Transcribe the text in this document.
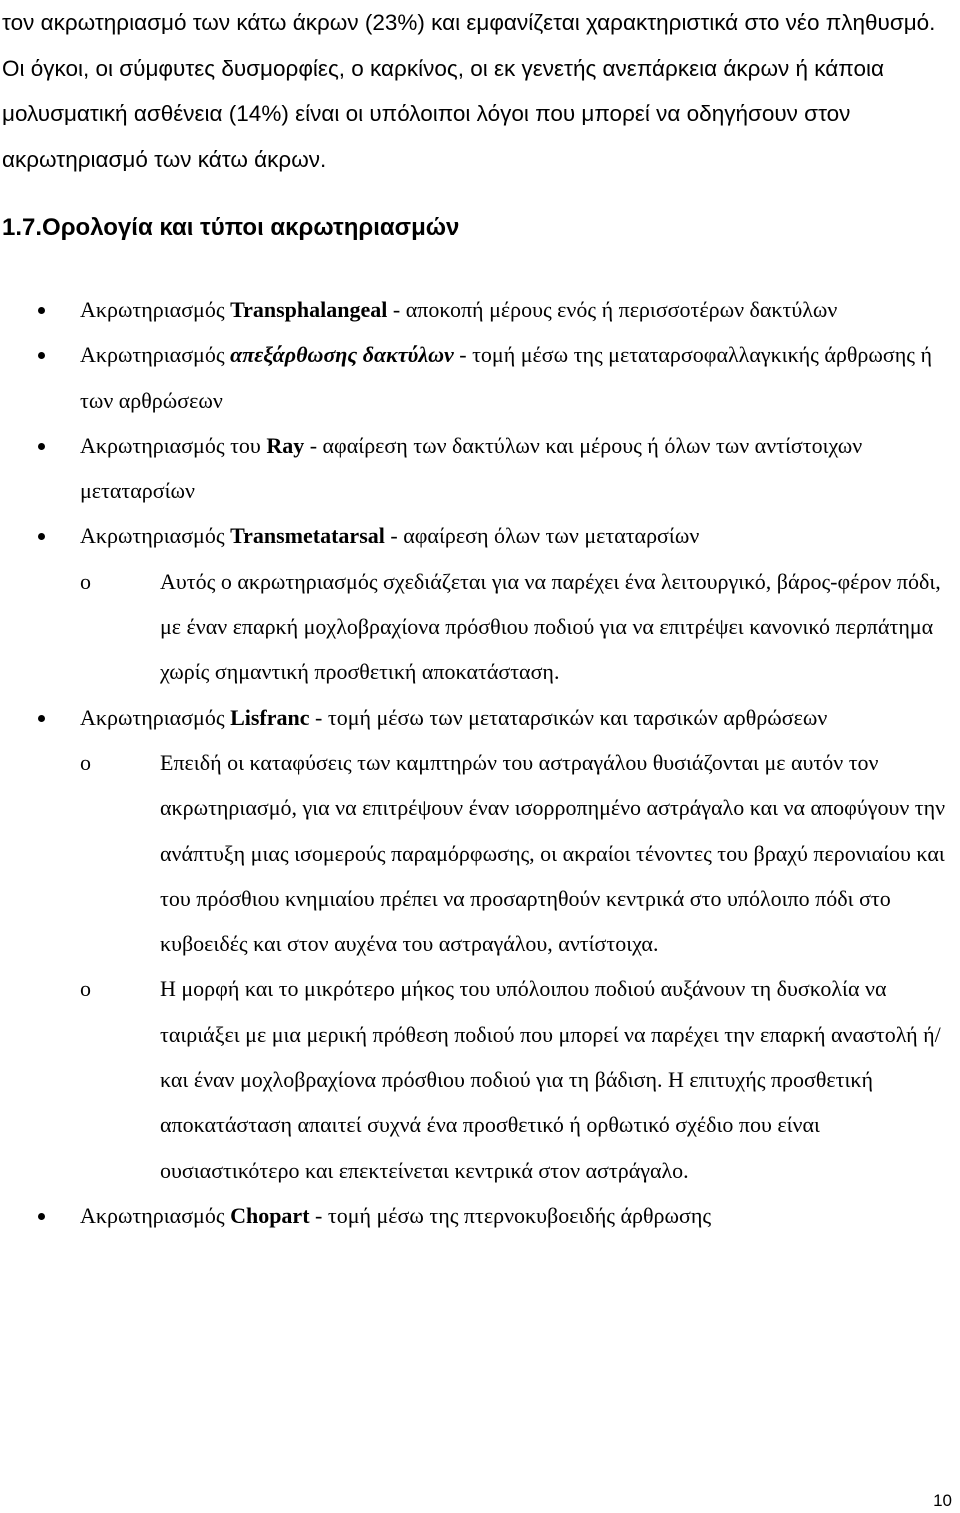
τον ακρωτηριασμό των κάτω άκρων (23%) και εμφανίζεται χαρακτηριστικά στο νέο πληθυσμό. Οι όγκοι, οι σύμφυτες δυσμορφίες, ο καρκίνος, οι εκ γενετής ανεπάρκεια άκρων ή κάποια μολυσματική ασθένεια (14%) είναι οι υπόλοιποι λόγοι που μπορεί να οδηγήσουν στον ακρωτηριασμό των κάτω άκρων.
1.7.Ορολογία και τύποι ακρωτηριασμών
Ακρωτηριασμός Transphalangeal - αποκοπή μέρους ενός ή περισσοτέρων δακτύλων
Ακρωτηριασμός απεξάρθωσης δακτύλων - τομή μέσω της μεταταρσοφαλλαγκικής άρθρωσης ή των αρθρώσεων
Ακρωτηριασμός του Ray - αφαίρεση των δακτύλων και μέρους ή όλων των αντίστοιχων μεταταρσίων
Ακρωτηριασμός Transmetatarsal - αφαίρεση όλων των μεταταρσίων
o	Αυτός ο ακρωτηριασμός σχεδιάζεται για να παρέχει ένα λειτουργικό, βάρος-φέρον πόδι, με έναν επαρκή μοχλοβραχίονα πρόσθιου ποδιού για να επιτρέψει κανονικό περπάτημα χωρίς σημαντική προσθετική αποκατάσταση.
Ακρωτηριασμός Lisfranc - τομή μέσω των μεταταρσικών και ταρσικών αρθρώσεων
o	Επειδή οι καταφύσεις των καμπτηρών του αστραγάλου θυσιάζονται με αυτόν τον ακρωτηριασμό, για να επιτρέψουν έναν ισορροπημένο αστράγαλο και να αποφύγουν την ανάπτυξη μιας ισομερούς παραμόρφωσης, οι ακραίοι τένοντες του βραχύ περονιαίου και του πρόσθιου κνημιαίου πρέπει να προσαρτηθούν κεντρικά στο υπόλοιπο πόδι στο κυβοειδές και στον αυχένα του αστραγάλου, αντίστοιχα.
o	Η μορφή και το μικρότερο μήκος του υπόλοιπου ποδιού αυξάνουν τη δυσκολία να ταιριάξει με μια μερική πρόθεση ποδιού που μπορεί να παρέχει την επαρκή αναστολή ή/και έναν μοχλοβραχίονα πρόσθιου ποδιού για τη βάδιση. Η επιτυχής προσθετική αποκατάσταση απαιτεί συχνά ένα προσθετικό ή ορθωτικό σχέδιο που είναι ουσιαστικότερο και επεκτείνεται κεντρικά στον αστράγαλο.
Ακρωτηριασμός Chopart - τομή μέσω της πτερνοκυβοειδής άρθρωσης
10
